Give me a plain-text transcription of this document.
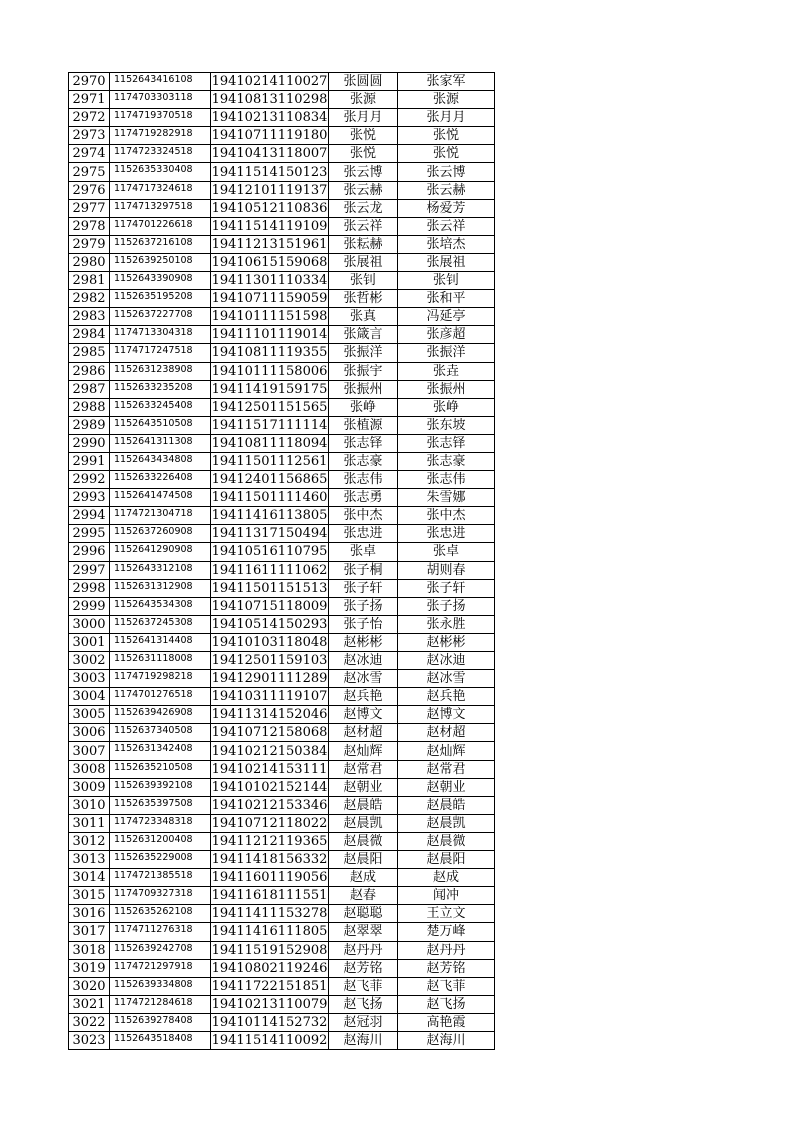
2970	1152643416108	19410214110027	张圆圆	张家军
2971	1174703303118	19410813110298	张源	张源
2972	1174719370518	19410213110834	张月月	张月月
2973	1174719282918	19410711119180	张悦	张悦
2974	1174723324518	19410413118007	张悦	张悦
2975	1152635330408	19411514150123	张云博	张云博
2976	1174717324618	19412101119137	张云赫	张云赫
2977	1174713297518	19410512110836	张云龙	杨爱芳
2978	1174701226618	19411514119109	张云祥	张云祥
2979	1152637216108	19411213151961	张耘赫	张培杰
2980	1152639250108	19410615159068	张展祖	张展祖
2981	1152643390908	19411301110334	张钊	张钊
2982	1152635195208	19410711159059	张哲彬	张和平
2983	1152637227708	19410111151598	张真	冯延亭
2984	1174713304318	19411101119014	张箴言	张彦超
2985	1174717247518	19410811119355	张振洋	张振洋
2986	1152631238908	19410111158006	张振宇	张垚
2987	1152633235208	19411419159175	张振州	张振州
2988	1152633245408	19412501151565	张峥	张峥
2989	1152643510508	19411517111114	张植源	张东坡
2990	1152641311308	19410811118094	张志铎	张志铎
2991	1152643434808	19411501112561	张志豪	张志豪
2992	1152633226408	19412401156865	张志伟	张志伟
2993	1152641474508	19411501111460	张志勇	朱雪娜
2994	1174721304718	19411416113805	张中杰	张中杰
2995	1152637260908	19411317150494	张忠进	张忠进
2996	1152641290908	19410516110795	张卓	张卓
2997	1152643312108	19411611111062	张子桐	胡则春
2998	1152631312908	19411501151513	张子轩	张子轩
2999	1152643534308	19410715118009	张子扬	张子扬
3000	1152637245308	19410514150293	张子怡	张永胜
3001	1152641314408	19410103118048	赵彬彬	赵彬彬
3002	1152631118008	19412501159103	赵冰迪	赵冰迪
3003	1174719298218	19412901111289	赵冰雪	赵冰雪
3004	1174701276518	19410311119107	赵兵艳	赵兵艳
3005	1152639426908	19411314152046	赵博文	赵博文
3006	1152637340508	19410712158068	赵材超	赵材超
3007	1152631342408	19410212150384	赵灿辉	赵灿辉
3008	1152635210508	19410214153111	赵常君	赵常君
3009	1152639392108	19410102152144	赵朝业	赵朝业
3010	1152635397508	19410212153346	赵晨皓	赵晨皓
3011	1174723348318	19410712118022	赵晨凯	赵晨凯
3012	1152631200408	19411212119365	赵晨微	赵晨微
3013	1152635229008	19411418156332	赵晨阳	赵晨阳
3014	1174721385518	19411601119056	赵成	赵成
3015	1174709327318	19411618111551	赵春	闻冲
3016	1152635262108	19411411153278	赵聪聪	王立文
3017	1174711276318	19411416111805	赵翠翠	楚万峰
3018	1152639242708	19411519152908	赵丹丹	赵丹丹
3019	1174721297918	19410802119246	赵芳铭	赵芳铭
3020	1152639334808	19411722151851	赵飞菲	赵飞菲
3021	1174721284618	19410213110079	赵飞扬	赵飞扬
3022	1152639278408	19410114152732	赵冠羽	高艳霞
3023	1152643518408	19411514110092	赵海川	赵海川
